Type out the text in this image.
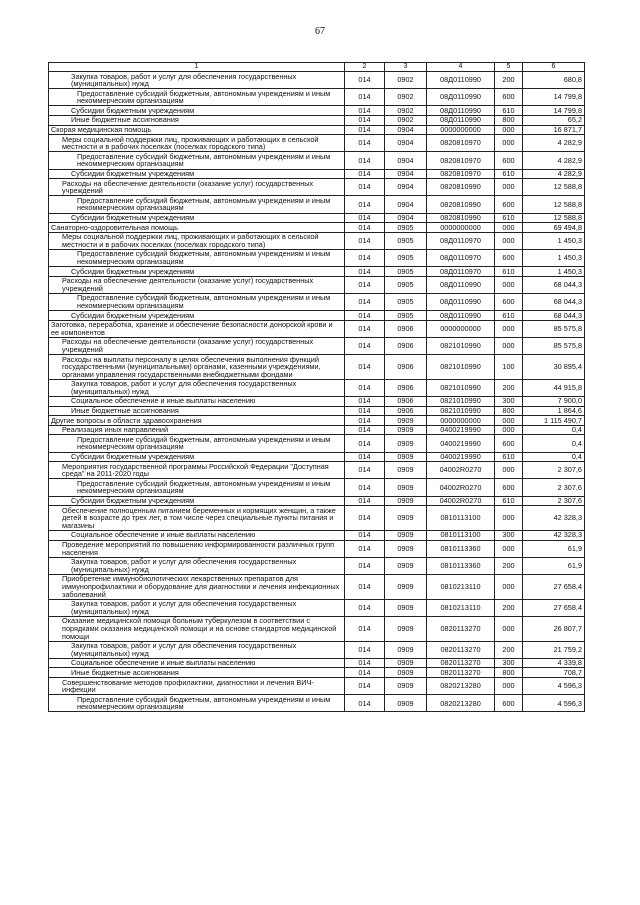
67
1	2	3	4	5	6
Закупка товаров, работ и услуг для обеспечения государственных (муниципальных) нужд	014	0902	08Д0110990	200	680,8
Предоставление субсидий бюджетным, автономным учреждениям и иным некоммерческим организациям	014	0902	08Д0110990	600	14 799,8
Субсидии бюджетным учреждениям	014	0902	08Д0110990	610	14 799,8
Иные бюджетные ассигнования	014	0902	08Д0110990	800	65,2
Скорая медицинская помощь	014	0904	0000000000	000	16 871,7
Меры социальной поддержки лиц, проживающих и работающих в сельской местности и в рабочих поселках (поселках городского типа)	014	0904	0820810970	000	4 282,9
Предоставление субсидий бюджетным, автономным учреждениям и иным некоммерческим организациям	014	0904	0820810970	600	4 282,9
Субсидии бюджетным учреждениям	014	0904	0820810970	610	4 282,9
Расходы на обеспечение деятельности (оказание услуг) государственных учреждений	014	0904	0820810990	000	12 588,8
Предоставление субсидий бюджетным, автономным учреждениям и иным некоммерческим организациям	014	0904	0820810990	600	12 588,8
Субсидии бюджетным учреждениям	014	0904	0820810990	610	12 588,8
Санаторно-оздоровительная помощь	014	0905	0000000000	000	69 494,8
Меры социальной поддержки лиц, проживающих и работающих в сельской местности и в рабочих поселках (поселках городского типа)	014	0905	08Д0110970	000	1 450,3
Предоставление субсидий бюджетным, автономным учреждениям и иным некоммерческим организациям	014	0905	08Д0110970	600	1 450,3
Субсидии бюджетным учреждениям	014	0905	08Д0110970	610	1 450,3
Расходы на обеспечение деятельности (оказание услуг) государственных учреждений	014	0905	08Д0110990	000	68 044,3
Предоставление субсидий бюджетным, автономным учреждениям и иным некоммерческим организациям	014	0905	08Д0110990	600	68 044,3
Субсидии бюджетным учреждениям	014	0905	08Д0110990	610	68 044,3
Заготовка, переработка, хранение и обеспечение безопасности донорской крови и ее компонентов	014	0906	0000000000	000	85 575,8
Расходы на обеспечение деятельности (оказание услуг) государственных учреждений	014	0906	0821010990	000	85 575,8
Расходы на выплаты персоналу в целях обеспечения выполнения функций государственными (муниципальными) органами, казенными учреждениями, органами управления государственными внебюджетными фондами	014	0906	0821010990	100	30 895,4
Закупка товаров, работ и услуг для обеспечения государственных (муниципальных) нужд	014	0906	0821010990	200	44 915,8
Социальное обеспечение и иные выплаты населению	014	0906	0821010990	300	7 900,0
Иные бюджетные ассигнования	014	0906	0821010990	800	1 864,6
Другие вопросы в области здравоохранения	014	0909	0000000000	000	1 115 490,7
Реализация иных направлений	014	0909	0400219990	000	0,4
Предоставление субсидий бюджетным, автономным учреждениям и иным некоммерческим организациям	014	0909	0400219990	600	0,4
Субсидии бюджетным учреждениям	014	0909	0400219990	610	0,4
Мероприятия государственной программы Российской Федерации "Доступная среда" на 2011-2020 годы	014	0909	04002R0270	000	2 307,6
Предоставление субсидий бюджетным, автономным учреждениям и иным некоммерческим организациям	014	0909	04002R0270	600	2 307,6
Субсидии бюджетным учреждениям	014	0909	04002R0270	610	2 307,6
Обеспечение полноценным питанием беременных и кормящих женщин, а также детей в возрасте до трех лет, в том числе через специальные пункты питания и магазины	014	0909	0810113100	000	42 328,3
Социальное обеспечение и иные выплаты населению	014	0909	0810113100	300	42 328,3
Проведение мероприятий по повышению информированности различных групп населения	014	0909	0810113360	000	61,9
Закупка товаров, работ и услуг для обеспечения государственных (муниципальных) нужд	014	0909	0810113360	200	61,9
Приобретение иммунобиологических лекарственных препаратов для иммунопрофилактики и оборудование для диагностики и лечения инфекционных заболеваний	014	0909	0810213110	000	27 658,4
Закупка товаров, работ и услуг для обеспечения государственных (муниципальных) нужд	014	0909	0810213110	200	27 658,4
Оказание медицинской помощи больным туберкулезом в соответствии с порядками оказания медицинской помощи и на основе стандартов медицинской помощи	014	0909	0820113270	000	26 807,7
Закупка товаров, работ и услуг для обеспечения государственных (муниципальных) нужд	014	0909	0820113270	200	21 759,2
Социальное обеспечение и иные выплаты населению	014	0909	0820113270	300	4 339,8
Иные бюджетные ассигнования	014	0909	0820113270	800	708,7
Совершенствование методов профилактики, диагностики и лечения ВИЧ-инфекции	014	0909	0820213280	000	4 596,3
Предоставление субсидий бюджетным, автономным учреждениям и иным некоммерческим организациям	014	0909	0820213280	600	4 596,3
